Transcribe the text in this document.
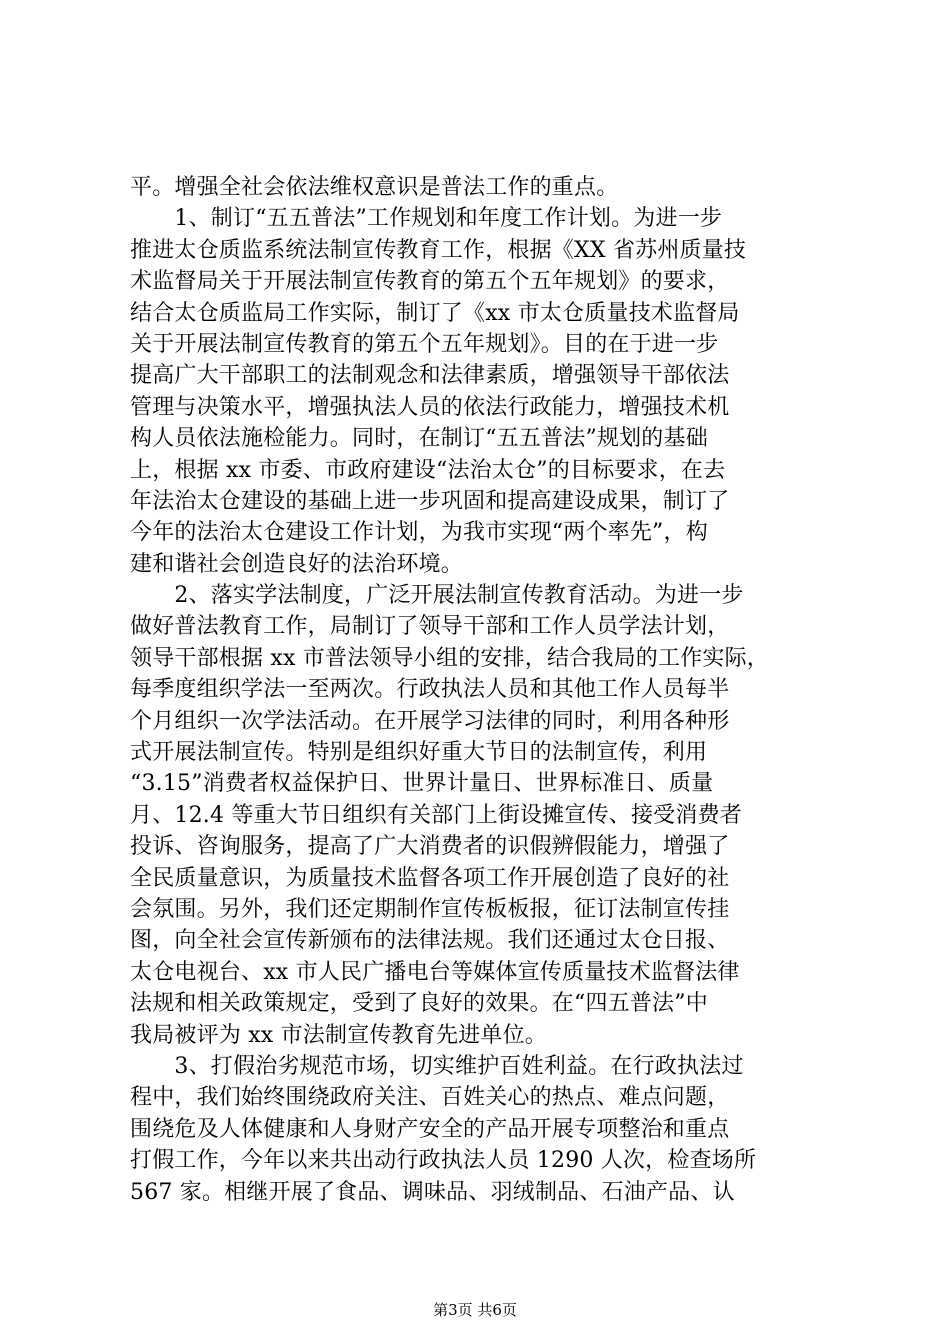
平。增强全社会依法维权意识是普法工作的重点。
　　1、制订“五五普法”工作规划和年度工作计划。为进一步
推进太仓质监系统法制宣传教育工作，根据《XX 省苏州质量技
术监督局关于开展法制宣传教育的第五个五年规划》的要求，
结合太仓质监局工作实际，制订了《xx 市太仓质量技术监督局
关于开展法制宣传教育的第五个五年规划》。目的在于进一步
提高广大干部职工的法制观念和法律素质，增强领导干部依法
管理与决策水平，增强执法人员的依法行政能力，增强技术机
构人员依法施检能力。同时，在制订“五五普法”规划的基础
上，根据 xx 市委、市政府建设“法治太仓”的目标要求，在去
年法治太仓建设的基础上进一步巩固和提高建设成果，制订了
今年的法治太仓建设工作计划，为我市实现“两个率先”，构
建和谐社会创造良好的法治环境。
　　2、落实学法制度，广泛开展法制宣传教育活动。为进一步
做好普法教育工作，局制订了领导干部和工作人员学法计划，
领导干部根据 xx 市普法领导小组的安排，结合我局的工作实际，
每季度组织学法一至两次。行政执法人员和其他工作人员每半
个月组织一次学法活动。在开展学习法律的同时，利用各种形
式开展法制宣传。特别是组织好重大节日的法制宣传，利用
“3.15”消费者权益保护日、世界计量日、世界标准日、质量
月、12.4 等重大节日组织有关部门上街设摊宣传、接受消费者
投诉、咨询服务，提高了广大消费者的识假辨假能力，增强了
全民质量意识，为质量技术监督各项工作开展创造了良好的社
会氛围。另外，我们还定期制作宣传板板报，征订法制宣传挂
图，向全社会宣传新颁布的法律法规。我们还通过太仓日报、
太仓电视台、xx 市人民广播电台等媒体宣传质量技术监督法律
法规和相关政策规定，受到了良好的效果。在“四五普法”中
我局被评为 xx 市法制宣传教育先进单位。
　　3、打假治劣规范市场，切实维护百姓利益。在行政执法过
程中，我们始终围绕政府关注、百姓关心的热点、难点问题，
围绕危及人体健康和人身财产安全的产品开展专项整治和重点
打假工作，今年以来共出动行政执法人员 1290 人次，检查场所
567 家。相继开展了食品、调味品、羽绒制品、石油产品、认
第3页 共6页
